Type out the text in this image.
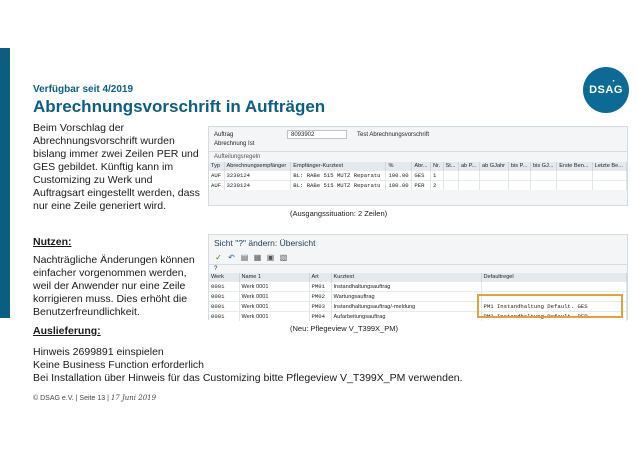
·
DSAG
Verfügbar seit 4/2019
Abrechnungsvorschrift in Aufträgen
Beim Vorschlag der Abrechnungsvorschrift wurden bislang immer zwei Zeilen PER und GES gebildet. Künftig kann im Customizing zu Werk und Auftragsart eingestellt werden, dass nur eine Zeile generiert wird.
Auftrag	8093902	Test Abrechnungsvorschrift
Abrechnung Ist
Aufteilungsregeln
Typ	Abrechnungsempfänger	Empfänger-Kurztext	%	Abr...	Nr.	St...	ab P...	ab GJahr	bis P...	bis GJ...	Erste Ben...	Letzte Be...
AUF	3230124	BL: RABe 515 MUTZ Reparatu	100.00	GES	1							
AUF	3230124	BL: RABe 515 MUTZ Reparatu	100.00	PER	2							
(Ausgangssituation: 2 Zeilen)
Nutzen:
Nachträgliche Änderungen können einfacher vorgenommen werden, weil der Anwender nur eine Zeile korrigieren muss. Dies erhöht die Benutzerfreundlichkeit.
Sicht "?" ändern: Übersicht
✓ ↶ ▤ ▦ ▣ ▧
?
Werk	Name 1	Art	Kurztext	Defaultregel
0001	Werk 0001	PM01	Instandhaltungsauftrag	
0001	Werk 0001	PM02	Wartungsauftrag	
0001	Werk 0001	PM03	Instandhaltungsauftrag/-meldung	PM1 Instandhaltung Default. GES
0001	Werk 0001	PM04	Aufarbeitungsauftrag	PM2 Instandhaltung Default. PER
(Neu: Pflegeview V_T399X_PM)
Auslieferung:
Hinweis 2699891 einspielen
Keine Business Function erforderlich
Bei Installation über Hinweis für das Customizing bitte Pflegeview V_T399X_PM verwenden.
© DSAG e.V. | Seite 13 | 17 Juni 2019
